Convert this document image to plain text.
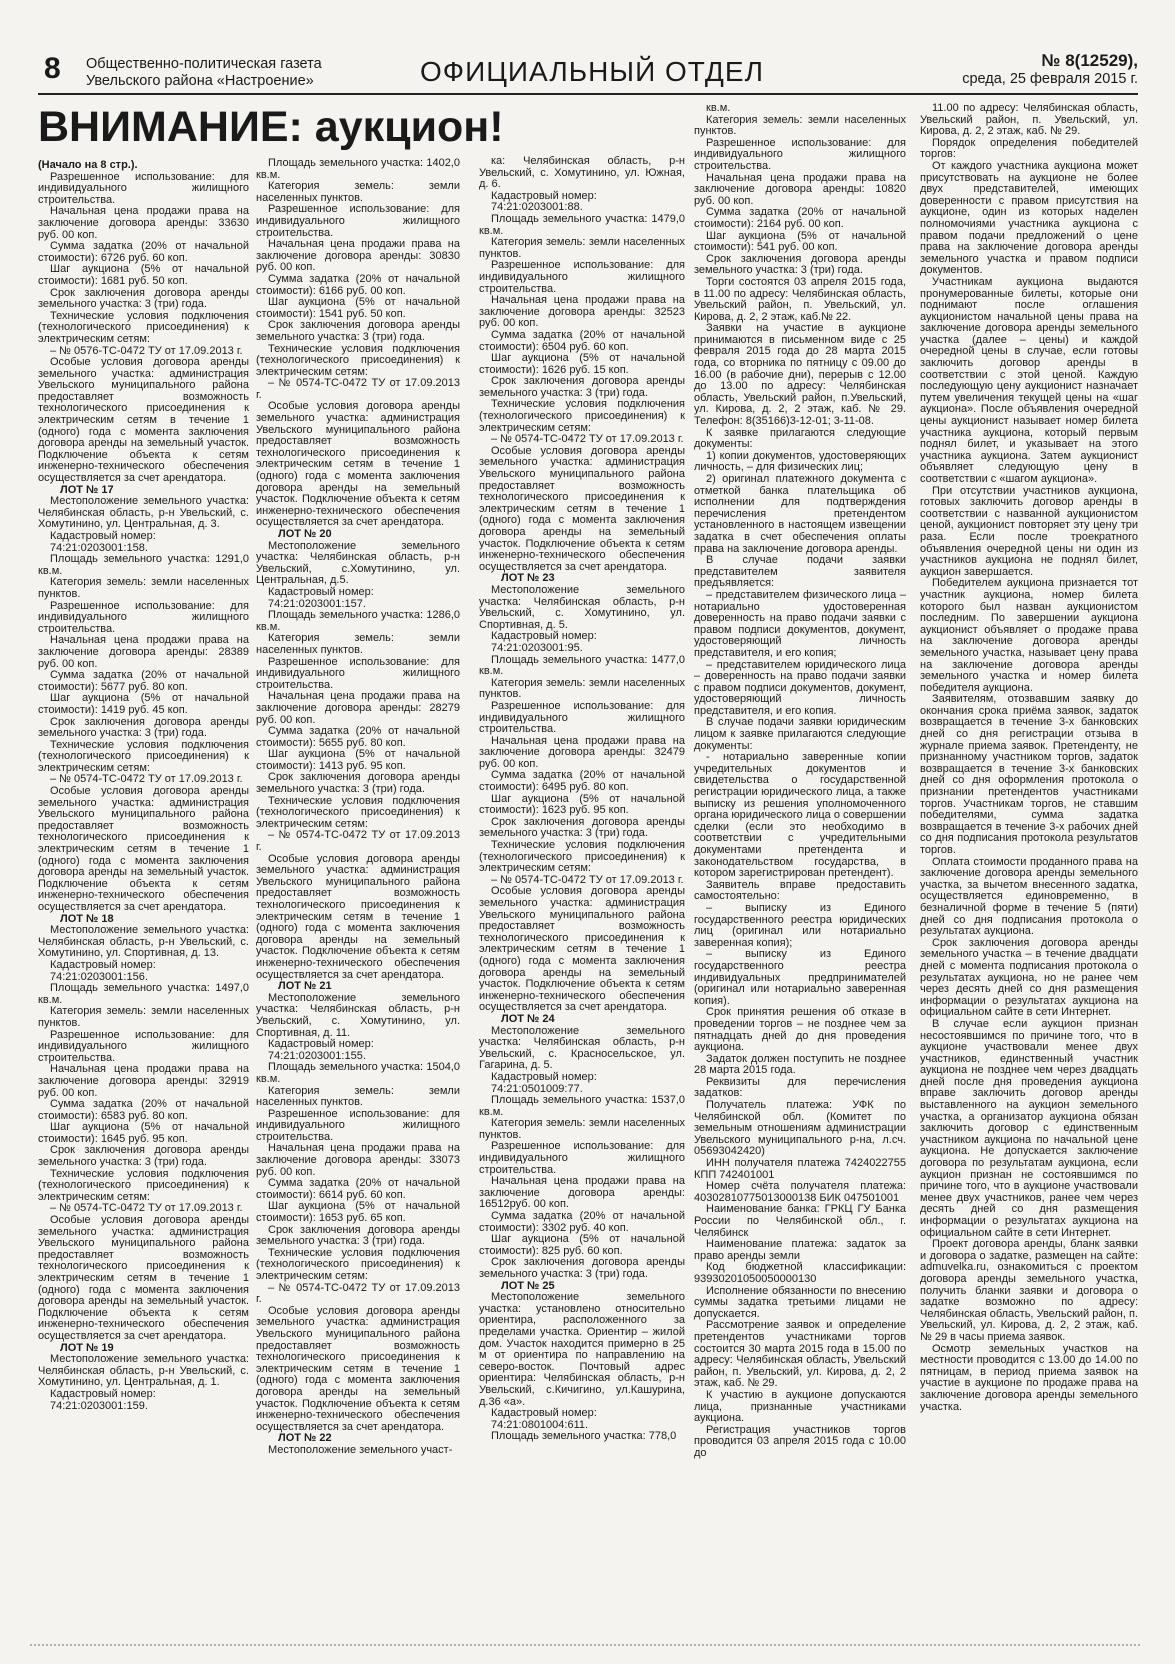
8 Общественно-политическая газета
Увельского района «Настроение»	ОФИЦИАЛЬНЫЙ ОТДЕЛ	№ 8(12529),
среда, 25 февраля 2015 г.
ВНИМАНИЕ: аукцион!

(Начало на 8 стр.).

Разрешенное использование: для индивидуального жилищного строительства.

Начальная цена продажи права на заключение договора аренды: 33630 руб. 00 коп.

Сумма задатка (20% от начальной стоимости): 6726 руб. 60 коп.

Шаг аукциона (5% от начальной стоимости): 1681 руб. 50 коп.

Срок заключения договора аренды земельного участка: 3 (три) года.

Технические условия подключения (технологического присоединения) к электрическим сетям:

– № 0576-ТС-0472 ТУ от 17.09.2013 г.

Особые условия договора аренды земельного участка: администрация Увельского муниципального района предоставляет возможность технологического присоединения к электрическим сетям в течение 1 (одного) года с момента заключения договора аренды на земельный участок. Подключение объекта к сетям инженерно-технического обеспечения осуществляется за счет арендатора.

ЛОТ № 17

Местоположение земельного участка: Челябинская область, р-н Увельский, с. Хомутинино, ул. Центральная, д. 3.

Кадастровый номер:

74:21:0203001:158.

Площадь земельного участка: 1291,0 кв.м.

Категория земель: земли населенных пунктов.

Разрешенное использование: для индивидуального жилищного строительства.

Начальная цена продажи права на заключение договора аренды: 28389 руб. 00 коп.

Сумма задатка (20% от начальной стоимости): 5677 руб. 80 коп.

Шаг аукциона (5% от начальной стоимости): 1419 руб. 45 коп.

Срок заключения договора аренды земельного участка: 3 (три) года.

Технические условия подключения (технологического присоединения) к электрическим сетям:

– № 0574-ТС-0472 ТУ от 17.09.2013 г.

Особые условия договора аренды земельного участка: администрация Увельского муниципального района предоставляет возможность технологического присоединения к электрическим сетям в течение 1 (одного) года с момента заключения договора аренды на земельный участок. Подключение объекта к сетям инженерно-технического обеспечения осуществляется за счет арендатора.

ЛОТ № 18

Местоположение земельного участка: Челябинская область, р-н Увельский, с. Хомутинино, ул. Спортивная, д. 13.

Кадастровый номер:

74:21:0203001:156.

Площадь земельного участка: 1497,0 кв.м.

Категория земель: земли населенных пунктов.

Разрешенное использование: для индивидуального жилищного строительства.

Начальная цена продажи права на заключение договора аренды: 32919 руб. 00 коп.

Сумма задатка (20% от начальной стоимости): 6583 руб. 80 коп.

Шаг аукциона (5% от начальной стоимости): 1645 руб. 95 коп.

Срок заключения договора аренды земельного участка: 3 (три) года.

Технические условия подключения (технологического присоединения) к электрическим сетям:

– № 0574-ТС-0472 ТУ от 17.09.2013 г.

Особые условия договора аренды земельного участка: администрация Увельского муниципального района предоставляет возможность технологического присоединения к электрическим сетям в течение 1 (одного) года с момента заключения договора аренды на земельный участок. Подключение объекта к сетям инженерно-технического обеспечения осуществляется за счет арендатора.

ЛОТ № 19

Местоположение земельного участка: Челябинская область, р-н Увельский, с. Хомутинино, ул. Центральная, д. 1.

Кадастровый номер:

74:21:0203001:159.

Площадь земельного участка: 1402,0 кв.м.

Категория земель: земли населенных пунктов.

Разрешенное использование: для индивидуального жилищного строительства.

Начальная цена продажи права на заключение договора аренды: 30830 руб. 00 коп.

Сумма задатка (20% от начальной стоимости): 6166 руб. 00 коп.

Шаг аукциона (5% от начальной стоимости): 1541 руб. 50 коп.

Срок заключения договора аренды земельного участка: 3 (три) года.

Технические условия подключения (технологического присоединения) к электрическим сетям:

– № 0574-ТС-0472 ТУ от 17.09.2013 г.

Особые условия договора аренды земельного участка: администрация Увельского муниципального района предоставляет возможность технологического присоединения к электрическим сетям в течение 1 (одного) года с момента заключения договора аренды на земельный участок. Подключение объекта к сетям инженерно-технического обеспечения осуществляется за счет арендатора.

ЛОТ № 20

Местоположение земельного участка: Челябинская область, р-н Увельский, с.Хомутинино, ул. Центральная, д.5.

Кадастровый номер:

74:21:0203001:157.

Площадь земельного участка: 1286,0 кв.м.

Категория земель: земли населенных пунктов.

Разрешенное использование: для индивидуального жилищного строительства.

Начальная цена продажи права на заключение договора аренды: 28279 руб. 00 коп.

Сумма задатка (20% от начальной стоимости): 5655 руб. 80 коп.

Шаг аукциона (5% от начальной стоимости): 1413 руб. 95 коп.

Срок заключения договора аренды земельного участка: 3 (три) года.

Технические условия подключения (технологического присоединения) к электрическим сетям:

– № 0574-ТС-0472 ТУ от 17.09.2013 г.

Особые условия договора аренды земельного участка: администрация Увельского муниципального района предоставляет возможность технологического присоединения к электрическим сетям в течение 1 (одного) года с момента заключения договора аренды на земельный участок. Подключение объекта к сетям инженерно-технического обеспечения осуществляется за счет арендатора.

ЛОТ № 21

Местоположение земельного участка: Челябинская область, р-н Увельский, с. Хомутинино, ул. Спортивная, д. 11.

Кадастровый номер:

74:21:0203001:155.

Площадь земельного участка: 1504,0 кв.м.

Категория земель: земли населенных пунктов.

Разрешенное использование: для индивидуального жилищного строительства.

Начальная цена продажи права на заключение договора аренды: 33073 руб. 00 коп.

Сумма задатка (20% от начальной стоимости): 6614 руб. 60 коп.

Шаг аукциона (5% от начальной стоимости): 1653 руб. 65 коп.

Срок заключения договора аренды земельного участка: 3 (три) года.

Технические условия подключения (технологического присоединения) к электрическим сетям:

– № 0574-ТС-0472 ТУ от 17.09.2013 г.

Особые условия договора аренды земельного участка: администрация Увельского муниципального района предоставляет возможность технологического присоединения к электрическим сетям в течение 1 (одного) года с момента заключения договора аренды на земельный участок. Подключение объекта к сетям инженерно-технического обеспечения осуществляется за счет арендатора.

ЛОТ № 22

Местоположение земельного участ-

ка: Челябинская область, р-н Увельский, с. Хомутинино, ул. Южная, д. 6.

Кадастровый номер:

74:21:0203001:88.

Площадь земельного участка: 1479,0 кв.м.

Категория земель: земли населенных пунктов.

Разрешенное использование: для индивидуального жилищного строительства.

Начальная цена продажи права на заключение договора аренды: 32523 руб. 00 коп.

Сумма задатка (20% от начальной стоимости): 6504 руб. 60 коп.

Шаг аукциона (5% от начальной стоимости): 1626 руб. 15 коп.

Срок заключения договора аренды земельного участка: 3 (три) года.

Технические условия подключения (технологического присоединения) к электрическим сетям:

– № 0574-ТС-0472 ТУ от 17.09.2013 г.

Особые условия договора аренды земельного участка: администрация Увельского муниципального района предоставляет возможность технологического присоединения к электрическим сетям в течение 1 (одного) года с момента заключения договора аренды на земельный участок. Подключение объекта к сетям инженерно-технического обеспечения осуществляется за счет арендатора.

ЛОТ № 23

Местоположение земельного участка: Челябинская область, р-н Увельский, с. Хомутинино, ул. Спортивная, д. 5.

Кадастровый номер:

74:21:0203001:95.

Площадь земельного участка: 1477,0 кв.м.

Категория земель: земли населенных пунктов.

Разрешенное использование: для индивидуального жилищного строительства.

Начальная цена продажи права на заключение договора аренды: 32479 руб. 00 коп.

Сумма задатка (20% от начальной стоимости): 6495 руб. 80 коп.

Шаг аукциона (5% от начальной стоимости): 1623 руб. 95 коп.

Срок заключения договора аренды земельного участка: 3 (три) года.

Технические условия подключения (технологического присоединения) к электрическим сетям:

– № 0574-ТС-0472 ТУ от 17.09.2013 г.

Особые условия договора аренды земельного участка: администрация Увельского муниципального района предоставляет возможность технологического присоединения к электрическим сетям в течение 1 (одного) года с момента заключения договора аренды на земельный участок. Подключение объекта к сетям инженерно-технического обеспечения осуществляется за счет арендатора.

ЛОТ № 24

Местоположение земельного участка: Челябинская область, р-н Увельский, с. Красносельское, ул. Гагарина, д. 5.

Кадастровый номер:

74:21:0501009:77.

Площадь земельного участка: 1537,0 кв.м.

Категория земель: земли населенных пунктов.

Разрешенное использование: для индивидуального жилищного строительства.

Начальная цена продажи права на заключение договора аренды: 16512руб. 00 коп.

Сумма задатка (20% от начальной стоимости): 3302 руб. 40 коп.

Шаг аукциона (5% от начальной стоимости): 825 руб. 60 коп.

Срок заключения договора аренды земельного участка: 3 (три) года.

ЛОТ № 25

Местоположение земельного участка: установлено относительно ориентира, расположенного за пределами участка. Ориентир – жилой дом. Участок находится примерно в 25 м от ориентира по направлению на северо-восток. Почтовый адрес ориентира: Челябинская область, р-н Увельский, с.Кичигино, ул.Кашурина, д.36 «а».

Кадастровый номер:

74:21:0801004:611.

Площадь земельного участка: 778,0

кв.м.

Категория земель: земли населенных пунктов.

Разрешенное использование: для индивидуального жилищного строительства.

Начальная цена продажи права на заключение договора аренды: 10820 руб. 00 коп.

Сумма задатка (20% от начальной стоимости): 2164 руб. 00 коп.

Шаг аукциона (5% от начальной стоимости): 541 руб. 00 коп.

Срок заключения договора аренды земельного участка: 3 (три) года.

Торги состоятся 03 апреля 2015 года, в 11.00 по адресу: Челябинская область, Увельский район, п. Увельский, ул. Кирова, д. 2, 2 этаж, каб.№ 22.

Заявки на участие в аукционе принимаются в письменном виде с 25 февраля 2015 года до 28 марта 2015 года, со вторника по пятницу с 09.00 до 16.00 (в рабочие дни), перерыв с 12.00 до 13.00 по адресу: Челябинская область, Увельский район, п.Увельский, ул. Кирова, д. 2, 2 этаж, каб. № 29. Телефон: 8(35166)3-12-01; 3-11-08.

К заявке прилагаются следующие документы:

1) копии документов, удостоверяющих личность, – для физических лиц;

2) оригинал платежного документа с отметкой банка плательщика об исполнении для подтверждения перечисления претендентом установленного в настоящем извещении задатка в счет обеспечения оплаты права на заключение договора аренды.

В случае подачи заявки представителем заявителя предъявляется:

– представителем физического лица – нотариально удостоверенная доверенность на право подачи заявки с правом подписи документов, документ, удостоверяющий личность представителя, и его копия;

– представителем юридического лица – доверенность на право подачи заявки с правом подписи документов, документ, удостоверяющий личность представителя, и его копия.

В случае подачи заявки юридическим лицом к заявке прилагаются следующие документы:

- нотариально заверенные копии учредительных документов и свидетельства о государственной регистрации юридического лица, а также выписку из решения уполномоченного органа юридического лица о совершении сделки (если это необходимо в соответствии с учредительными документами претендента и законодательством государства, в котором зарегистрирован претендент).

Заявитель вправе предоставить самостоятельно:

– выписку из Единого государственного реестра юридических лиц (оригинал или нотариально заверенная копия);

– выписку из Единого государственного реестра индивидуальных предпринимателей (оригинал или нотариально заверенная копия).

Срок принятия решения об отказе в проведении торгов – не позднее чем за пятнадцать дней до дня проведения аукциона.

Задаток должен поступить не позднее 28 марта 2015 года.

Реквизиты для перечисления задатков:

Получатель платежа: УФК по Челябинской обл. (Комитет по земельным отношениям администрации Увельского муниципального р-на, л.сч. 05693042420)

ИНН получателя платежа 7424022755 КПП 742401001

Номер счёта получателя платежа: 40302810775013000138 БИК 047501001

Наименование банка: ГРКЦ ГУ Банка России по Челябинской обл., г. Челябинск

Наименование платежа: задаток за право аренды земли

Код бюджетной классификации: 93930201050050000130

Исполнение обязанности по внесению суммы задатка третьими лицами не допускается.

Рассмотрение заявок и определение претендентов участниками торгов состоится 30 марта 2015 года в 15.00 по адресу: Челябинская область, Увельский район, п. Увельский, ул. Кирова, д. 2, 2 этаж, каб. № 29.

К участию в аукционе допускаются лица, признанные участниками аукциона.

Регистрация участников торгов проводится 03 апреля 2015 года с 10.00 до

11.00 по адресу: Челябинская область, Увельский район, п. Увельский, ул. Кирова, д. 2, 2 этаж, каб. № 29.

Порядок определения победителей торгов:

От каждого участника аукциона может присутствовать на аукционе не более двух представителей, имеющих доверенности с правом присутствия на аукционе, один из которых наделен полномочиями участника аукциона с правом подачи предложений о цене права на заключение договора аренды земельного участка и правом подписи документов.

Участникам аукциона выдаются пронумерованные билеты, которые они поднимают после оглашения аукционистом начальной цены права на заключение договора аренды земельного участка (далее – цены) и каждой очередной цены в случае, если готовы заключить договор аренды в соответствии с этой ценой. Каждую последующую цену аукционист назначает путем увеличения текущей цены на «шаг аукциона». После объявления очередной цены аукционист называет номер билета участника аукциона, который первым поднял билет, и указывает на этого участника аукциона. Затем аукционист объявляет следующую цену в соответствии с «шагом аукциона».

При отсутствии участников аукциона, готовых заключить договор аренды в соответствии с названной аукционистом ценой, аукционист повторяет эту цену три раза. Если после троекратного объявления очередной цены ни один из участников аукциона не поднял билет, аукцион завершается.

Победителем аукциона признается тот участник аукциона, номер билета которого был назван аукционистом последним. По завершении аукциона аукционист объявляет о продаже права на заключение договора аренды земельного участка, называет цену права на заключение договора аренды земельного участка и номер билета победителя аукциона.

Заявителям, отозвавшим заявку до окончания срока приёма заявок, задаток возвращается в течение 3-х банковских дней со дня регистрации отзыва в журнале приема заявок. Претенденту, не признанному участником торгов, задаток возвращается в течение 3-х банковских дней со дня оформления протокола о признании претендентов участниками торгов. Участникам торгов, не ставшим победителями, сумма задатка возвращается в течение 3-х рабочих дней со дня подписания протокола результатов торгов.

Оплата стоимости проданного права на заключение договора аренды земельного участка, за вычетом внесенного задатка, осуществляется единовременно, в безналичной форме в течение 5 (пяти) дней со дня подписания протокола о результатах аукциона.

Срок заключения договора аренды земельного участка – в течение двадцати дней с момента подписания протокола о результатах аукциона, но не ранее чем через десять дней со дня размещения информации о результатах аукциона на официальном сайте в сети Интернет.

В случае если аукцион признан несостоявшимся по причине того, что в аукционе участвовали менее двух участников, единственный участник аукциона не позднее чем через двадцать дней после дня проведения аукциона вправе заключить договор аренды выставленного на аукцион земельного участка, а организатор аукциона обязан заключить договор с единственным участником аукциона по начальной цене аукциона. Не допускается заключение договора по результатам аукциона, если аукцион признан не состоявшимся по причине того, что в аукционе участвовали менее двух участников, ранее чем через десять дней со дня размещения информации о результатах аукциона на официальном сайте в сети Интернет.

Проект договора аренды, бланк заявки и договора о задатке, размещен на сайте: admuvelka.ru, ознакомиться с проектом договора аренды земельного участка, получить бланки заявки и договора о задатке возможно по адресу: Челябинская область, Увельский район, п. Увельский, ул. Кирова, д. 2, 2 этаж, каб. № 29 в часы приема заявок.

Осмотр земельных участков на местности проводится с 13.00 до 14.00 по пятницам, в период приема заявок на участие в аукционе по продаже права на заключение договора аренды земельного участка.
